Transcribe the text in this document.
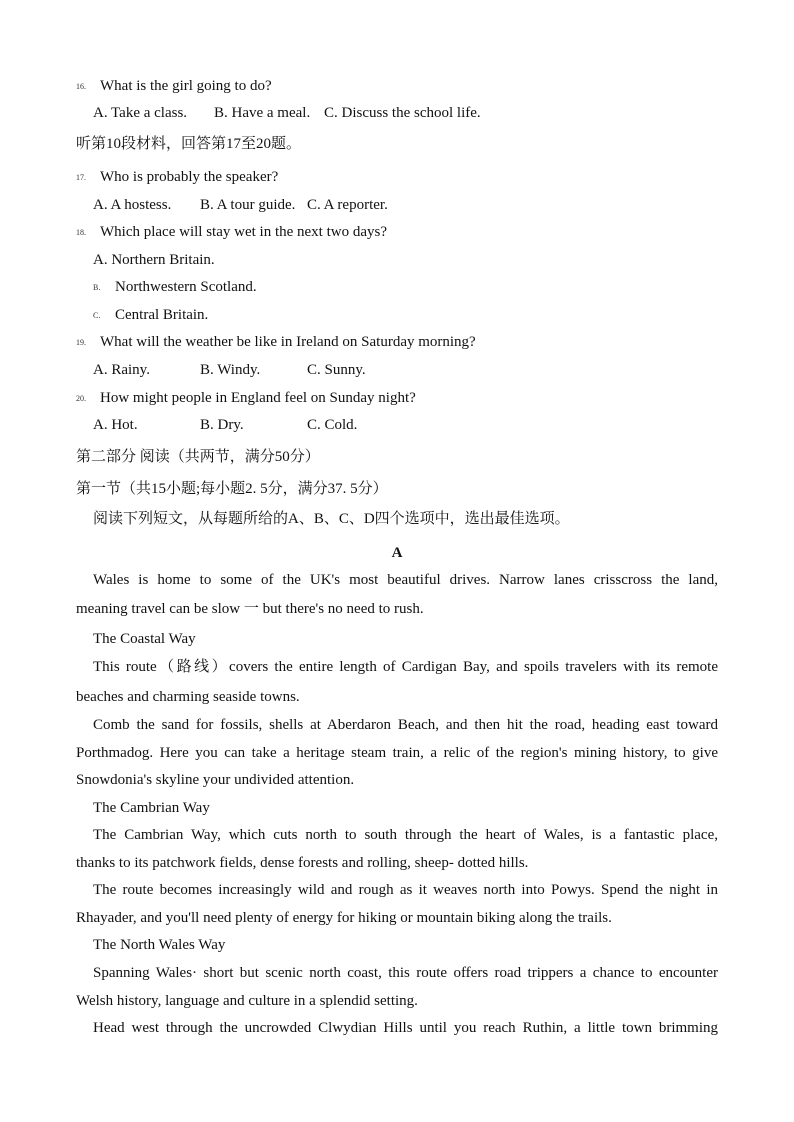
16. What is the girl going to do?
A. Take a class. B. Have a meal. C. Discuss the school life.
听第10段材料，回答第17至20题。
17. Who is probably the speaker?
A. A hostess. B. A tour guide. C. A reporter.
18. Which place will stay wet in the next two days?
A. Northern Britain.
B. Northwestern Scotland.
C. Central Britain.
19. What will the weather be like in Ireland on Saturday morning?
A. Rainy.	B. Windy.	C. Sunny.
20. How might people in England feel on Sunday night?
A. Hot.	B. Dry.	C. Cold.
第二部分 阅读（共两节，满分50分）
第一节（共15小题;每小题2. 5分，满分37. 5分）
阅读下列短文，从每题所给的A、B、C、D四个选项中，选出最佳选项。
A
Wales is home to some of the UK's most beautiful drives. Narrow lanes crisscross the land,
meaning travel can be slow 一 but there's no need to rush.
The Coastal Way
This route（路线）covers the entire length of Cardigan Bay, and spoils travelers with its remote
beaches and charming seaside towns.
Comb the sand for fossils, shells at Aberdaron Beach, and then hit the road, heading east toward
Porthmadog. Here you can take a heritage steam train, a relic of the region's mining history, to give
Snowdonia's skyline your undivided attention.
The Cambrian Way
The Cambrian Way, which cuts north to south through the heart of Wales, is a fantastic place,
thanks to its patchwork fields, dense forests and rolling, sheep- dotted hills.
The route becomes increasingly wild and rough as it weaves north into Powys. Spend the night in
Rhayader, and you'll need plenty of energy for hiking or mountain biking along the trails.
The North Wales Way
Spanning Wales· short but scenic north coast, this route offers road trippers a chance to encounter
Welsh history, language and culture in a splendid setting.
Head west through the uncrowded Clwydian Hills until you reach Ruthin, a little town brimming
